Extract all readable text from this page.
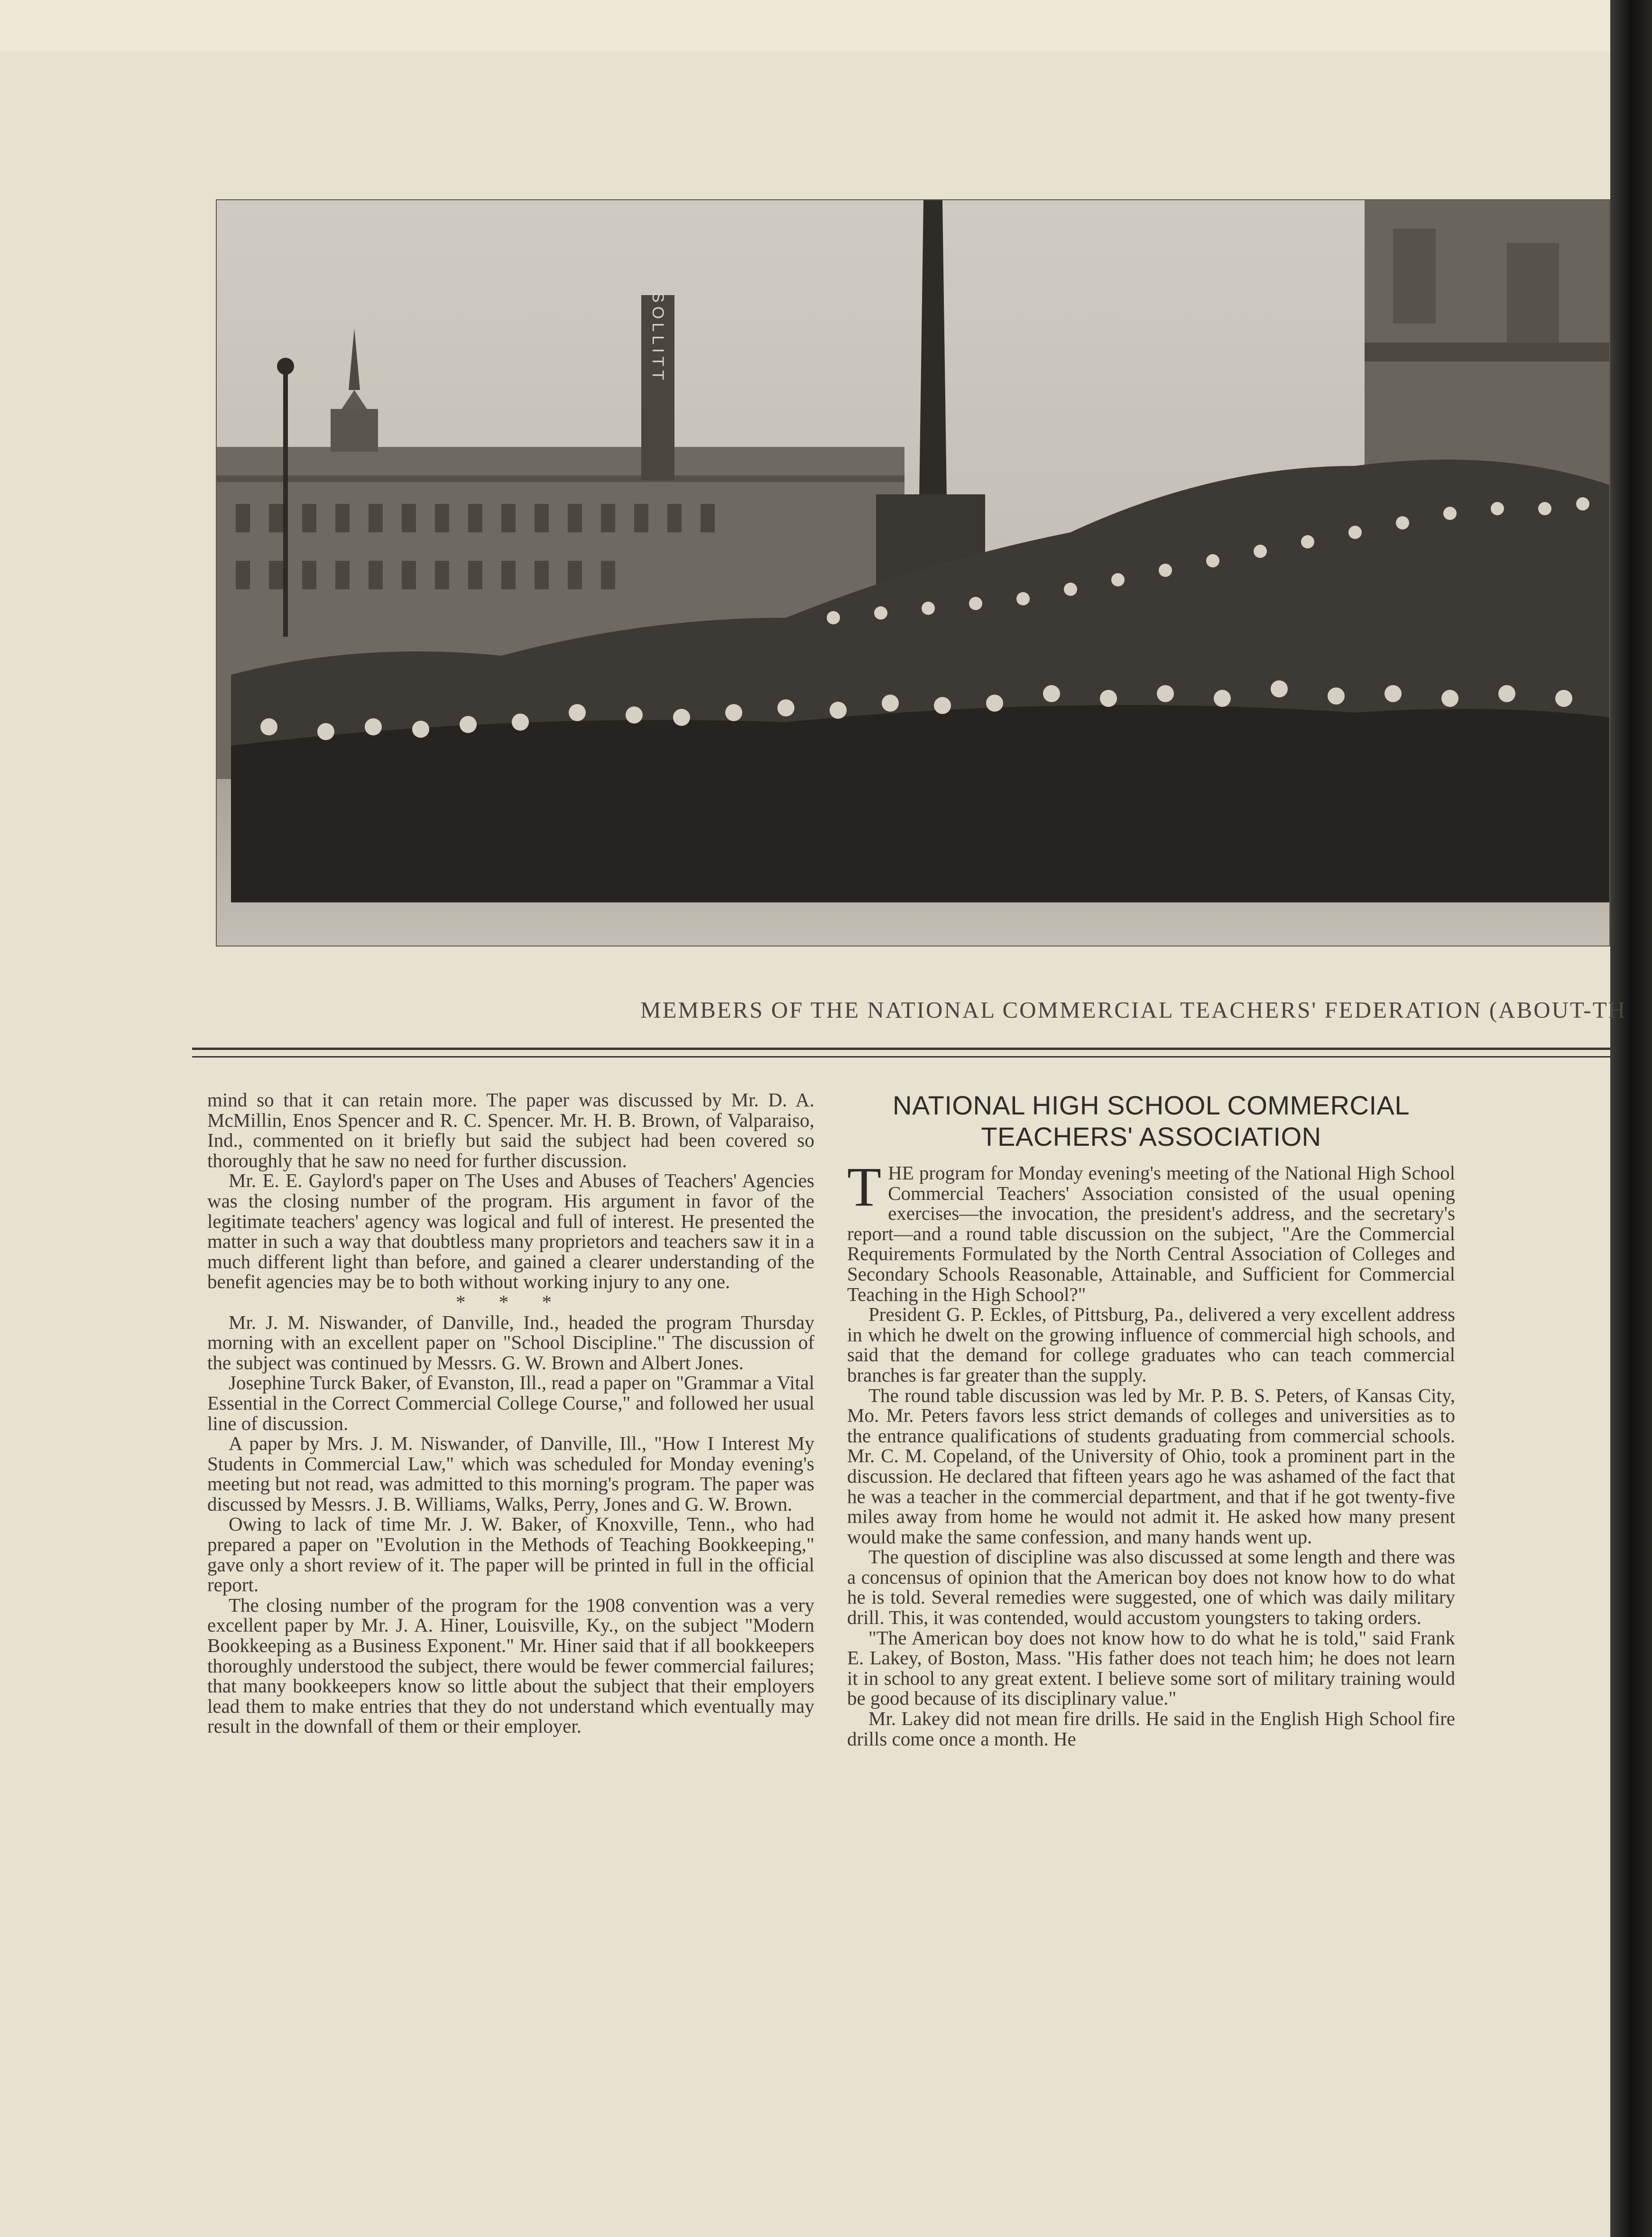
SOLLITT
MEMBERS OF THE NATIONAL COMMERCIAL TEACHERS' FEDERATION (ABOUT-TH

mind so that it can retain more. The paper was discussed by Mr. D. A. McMillin, Enos Spencer and R. C. Spencer. Mr. H. B. Brown, of Valparaiso, Ind., commented on it briefly but said the subject had been covered so thoroughly that he saw no need for further discussion.

Mr. E. E. Gaylord's paper on The Uses and Abuses of Teachers' Agencies was the closing number of the program. His argument in favor of the legitimate teachers' agency was logical and full of interest. He presented the matter in such a way that doubtless many proprietors and teachers saw it in a much different light than before, and gained a clearer understanding of the benefit agencies may be to both without working injury to any one.

* * *

Mr. J. M. Niswander, of Danville, Ind., headed the program Thursday morning with an excellent paper on "School Discipline." The discussion of the subject was continued by Messrs. G. W. Brown and Albert Jones.

Josephine Turck Baker, of Evanston, Ill., read a paper on "Grammar a Vital Essential in the Correct Commercial College Course," and followed her usual line of discussion.

A paper by Mrs. J. M. Niswander, of Danville, Ill., "How I Interest My Students in Commercial Law," which was scheduled for Monday evening's meeting but not read, was admitted to this morning's program. The paper was discussed by Messrs. J. B. Williams, Walks, Perry, Jones and G. W. Brown.

Owing to lack of time Mr. J. W. Baker, of Knoxville, Tenn., who had prepared a paper on "Evolution in the Methods of Teaching Bookkeeping," gave only a short review of it. The paper will be printed in full in the official report.

The closing number of the program for the 1908 convention was a very excellent paper by Mr. J. A. Hiner, Louisville, Ky., on the subject "Modern Bookkeeping as a Business Exponent." Mr. Hiner said that if all bookkeepers thoroughly understood the subject, there would be fewer commercial failures; that many bookkeepers know so little about the subject that their employers lead them to make entries that they do not understand which eventually may result in the downfall of them or their employer.

NATIONAL HIGH SCHOOL COMMERCIAL TEACHERS' ASSOCIATION

THE program for Monday evening's meeting of the National High School Commercial Teachers' Association consisted of the usual opening exercises—the invocation, the president's address, and the secretary's report—and a round table discussion on the subject, "Are the Commercial Requirements Formulated by the North Central Association of Colleges and Secondary Schools Reasonable, Attainable, and Sufficient for Commercial Teaching in the High School?"

President G. P. Eckles, of Pittsburg, Pa., delivered a very excellent address in which he dwelt on the growing influence of commercial high schools, and said that the demand for college graduates who can teach commercial branches is far greater than the supply.

The round table discussion was led by Mr. P. B. S. Peters, of Kansas City, Mo. Mr. Peters favors less strict demands of colleges and universities as to the entrance qualifications of students graduating from commercial schools. Mr. C. M. Copeland, of the University of Ohio, took a prominent part in the discussion. He declared that fifteen years ago he was ashamed of the fact that he was a teacher in the commercial department, and that if he got twenty-five miles away from home he would not admit it. He asked how many present would make the same confession, and many hands went up.

The question of discipline was also discussed at some length and there was a concensus of opinion that the American boy does not know how to do what he is told. Several remedies were suggested, one of which was daily military drill. This, it was contended, would accustom youngsters to taking orders.

"The American boy does not know how to do what he is told," said Frank E. Lakey, of Boston, Mass. "His father does not teach him; he does not learn it in school to any great extent. I believe some sort of military training would be good because of its disciplinary value."

Mr. Lakey did not mean fire drills. He said in the English High School fire drills come once a month. He
